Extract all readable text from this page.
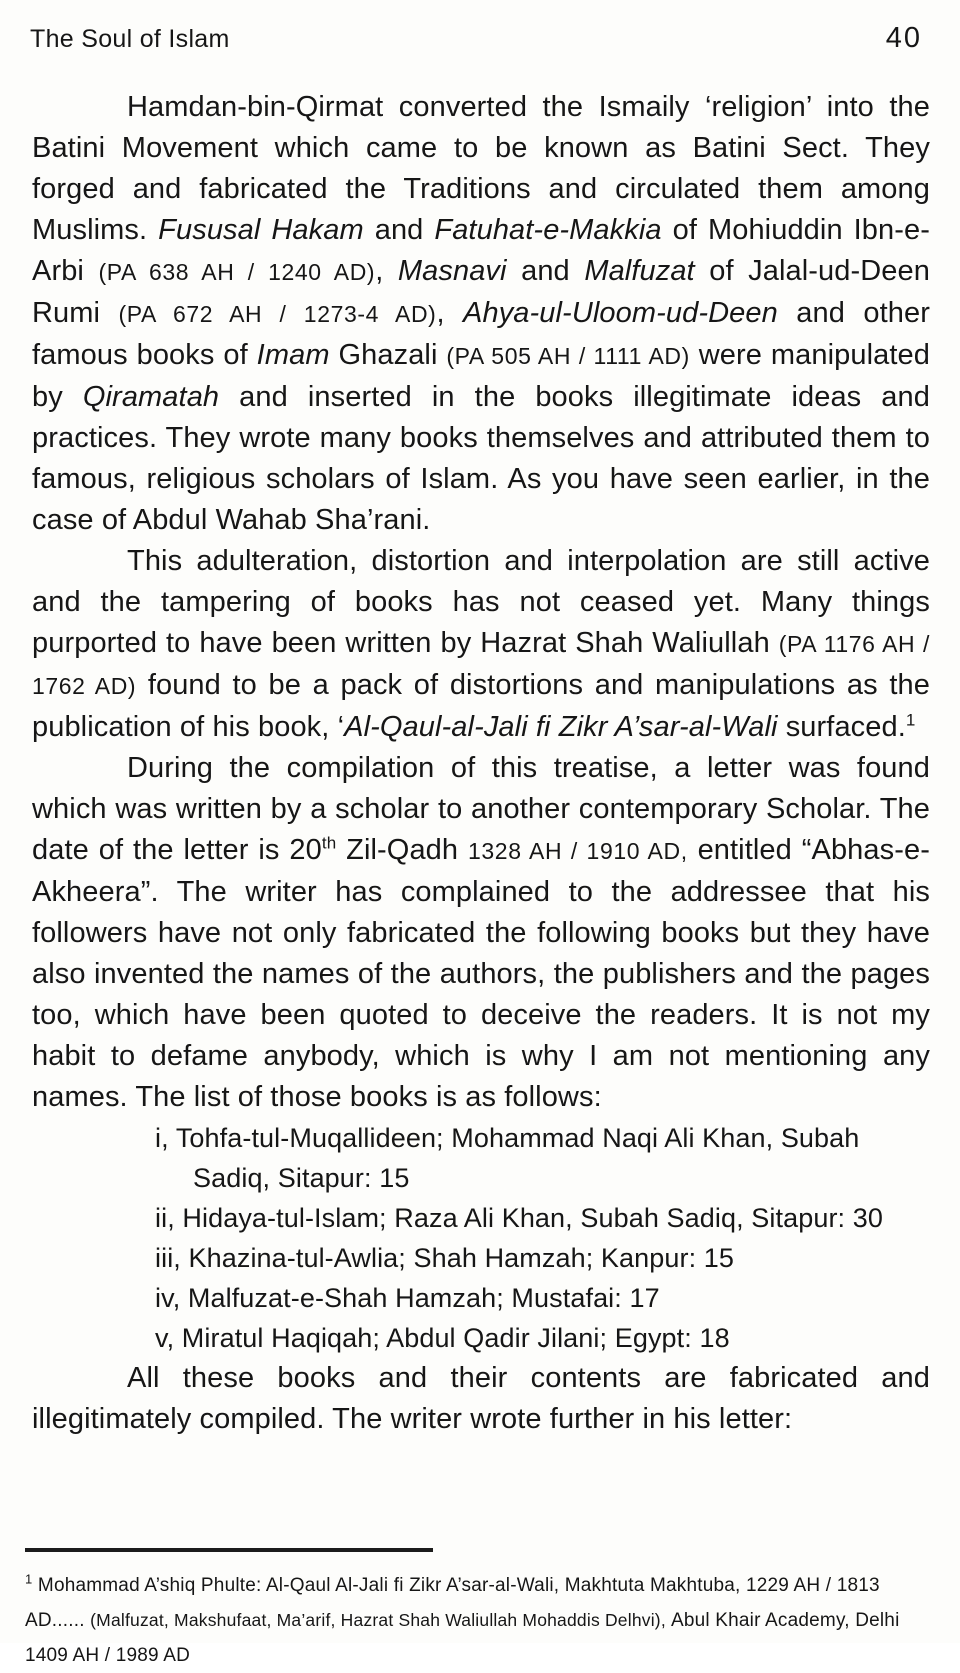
The Soul of Islam	40

Hamdan-bin-Qirmat converted the Ismaily ‘religion’ into the Batini Movement which came to be known as Batini Sect. They forged and fabricated the Traditions and circulated them among Muslims. Fususal Hakam and Fatuhat-e-Makkia of Mohiuddin Ibn-e-Arbi (PA 638 AH / 1240 AD), Masnavi and Malfuzat of Jalal-ud-Deen Rumi (PA 672 AH / 1273-4 AD), Ahya-ul-Uloom-ud-Deen and other famous books of Imam Ghazali (PA 505 AH / 1111 AD) were manipulated by Qiramatah and inserted in the books illegitimate ideas and practices. They wrote many books themselves and attributed them to famous, religious scholars of Islam. As you have seen earlier, in the case of Abdul Wahab Sha’rani.

This adulteration, distortion and interpolation are still active and the tampering of books has not ceased yet. Many things purported to have been written by Hazrat Shah Waliullah (PA 1176 AH / 1762 AD) found to be a pack of distortions and manipulations as the publication of his book, ‘Al-Qaul-al-Jali fi Zikr A’sar-al-Wali surfaced.$^1$

During the compilation of this treatise, a letter was found which was written by a scholar to another contemporary Scholar. The date of the letter is 20th Zil-Qadh 1328 AH / 1910 AD, entitled “Abhas-e-Akheera”. The writer has complained to the addressee that his followers have not only fabricated the following books but they have also invented the names of the authors, the publishers and the pages too, which have been quoted to deceive the readers. It is not my habit to defame anybody, which is why I am not mentioning any names. The list of those books is as follows:

i, Tohfa-tul-Muqallideen; Mohammad Naqi Ali Khan, Subah Sadiq, Sitapur: 15

ii, Hidaya-tul-Islam; Raza Ali Khan, Subah Sadiq, Sitapur: 30

iii, Khazina-tul-Awlia; Shah Hamzah; Kanpur: 15

iv, Malfuzat-e-Shah Hamzah; Mustafai: 17

v, Miratul Haqiqah; Abdul Qadir Jilani; Egypt: 18

All these books and their contents are fabricated and illegitimately compiled. The writer wrote further in his letter:

$^1$ Mohammad A’shiq Phulte: Al-Qaul Al-Jali fi Zikr A’sar-al-Wali, Makhtuta Makhtuba, 1229 AH / 1813 AD...... (Malfuzat, Makshufaat, Ma’arif, Hazrat Shah Waliullah Mohaddis Delhvi), Abul Khair Academy, Delhi 1409 AH / 1989 AD
